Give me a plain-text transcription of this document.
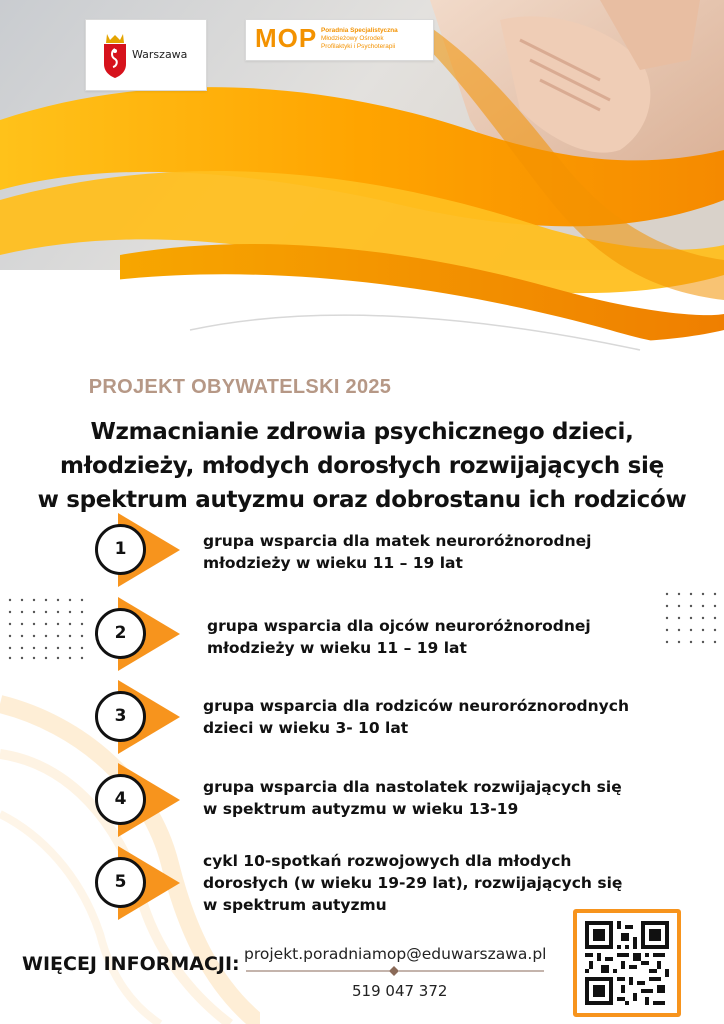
Warszawa
MOP Poradnia Specjalistyczna
Młodzieżowy Ośrodek
Profilaktyki i Psychoterapii
PROJEKT OBYWATELSKI 2025
Wzmacnianie zdrowia psychicznego dzieci,
młodzieży, młodych dorosłych rozwijających się
w spektrum autyzmu oraz dobrostanu ich rodziców
1	grupa wsparcia dla matek neuroróżnorodnej
młodzieży w wieku 11 – 19 lat
2	grupa wsparcia dla ojców neuroróżnorodnej
młodzieży w wieku 11 – 19 lat
3	grupa wsparcia dla rodziców neuroróznorodnych
dzieci w wieku 3- 10 lat
4
grupa wsparcia dla nastolatek rozwijających się
w spektrum autyzmu w wieku 13-19
5
cykl 10-spotkań rozwojowych dla młodych
dorosłych (w wieku 19-29 lat), rozwijających się
w spektrum autyzmu
WIĘCEJ INFORMACJI: projekt.poradniamop@eduwarszawa.pl
519 047 372
